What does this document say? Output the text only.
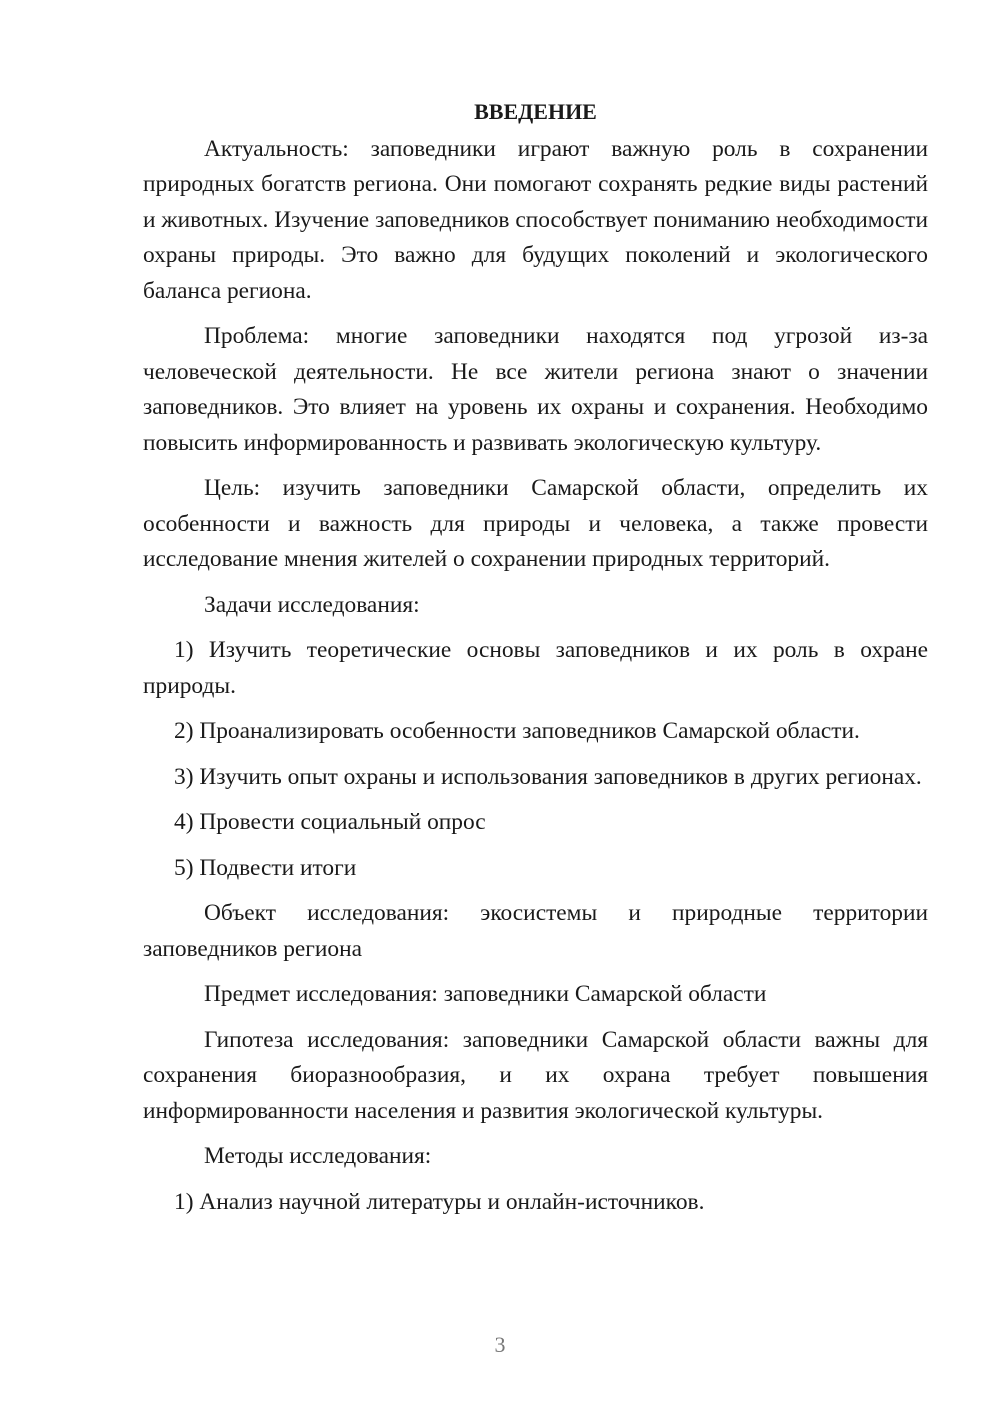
ВВЕДЕНИЕ

Актуальность: заповедники играют важную роль в сохранении природных богатств региона. Они помогают сохранять редкие виды растений и животных. Изучение заповедников способствует пониманию необходимости охраны природы. Это важно для будущих поколений и экологического баланса региона.

Проблема: многие заповедники находятся под угрозой из-за человеческой деятельности. Не все жители региона знают о значении заповедников. Это влияет на уровень их охраны и сохранения. Необходимо повысить информированность и развивать экологическую культуру.

Цель: изучить заповедники Самарской области, определить их особенности и важность для природы и человека, а также провести исследование мнения жителей о сохранении природных территорий.

Задачи исследования:

1) Изучить теоретические основы заповедников и их роль в охране природы.

2) Проанализировать особенности заповедников Самарской области.

3) Изучить опыт охраны и использования заповедников в других регионах.

4) Провести социальный опрос

5) Подвести итоги

Объект исследования: экосистемы и природные территории заповедников региона

Предмет исследования: заповедники Самарской области

Гипотеза исследования: заповедники Самарской области важны для сохранения биоразнообразия, и их охрана требует повышения информированности населения и развития экологической культуры.

Методы исследования:

1) Анализ научной литературы и онлайн-источников.

3
